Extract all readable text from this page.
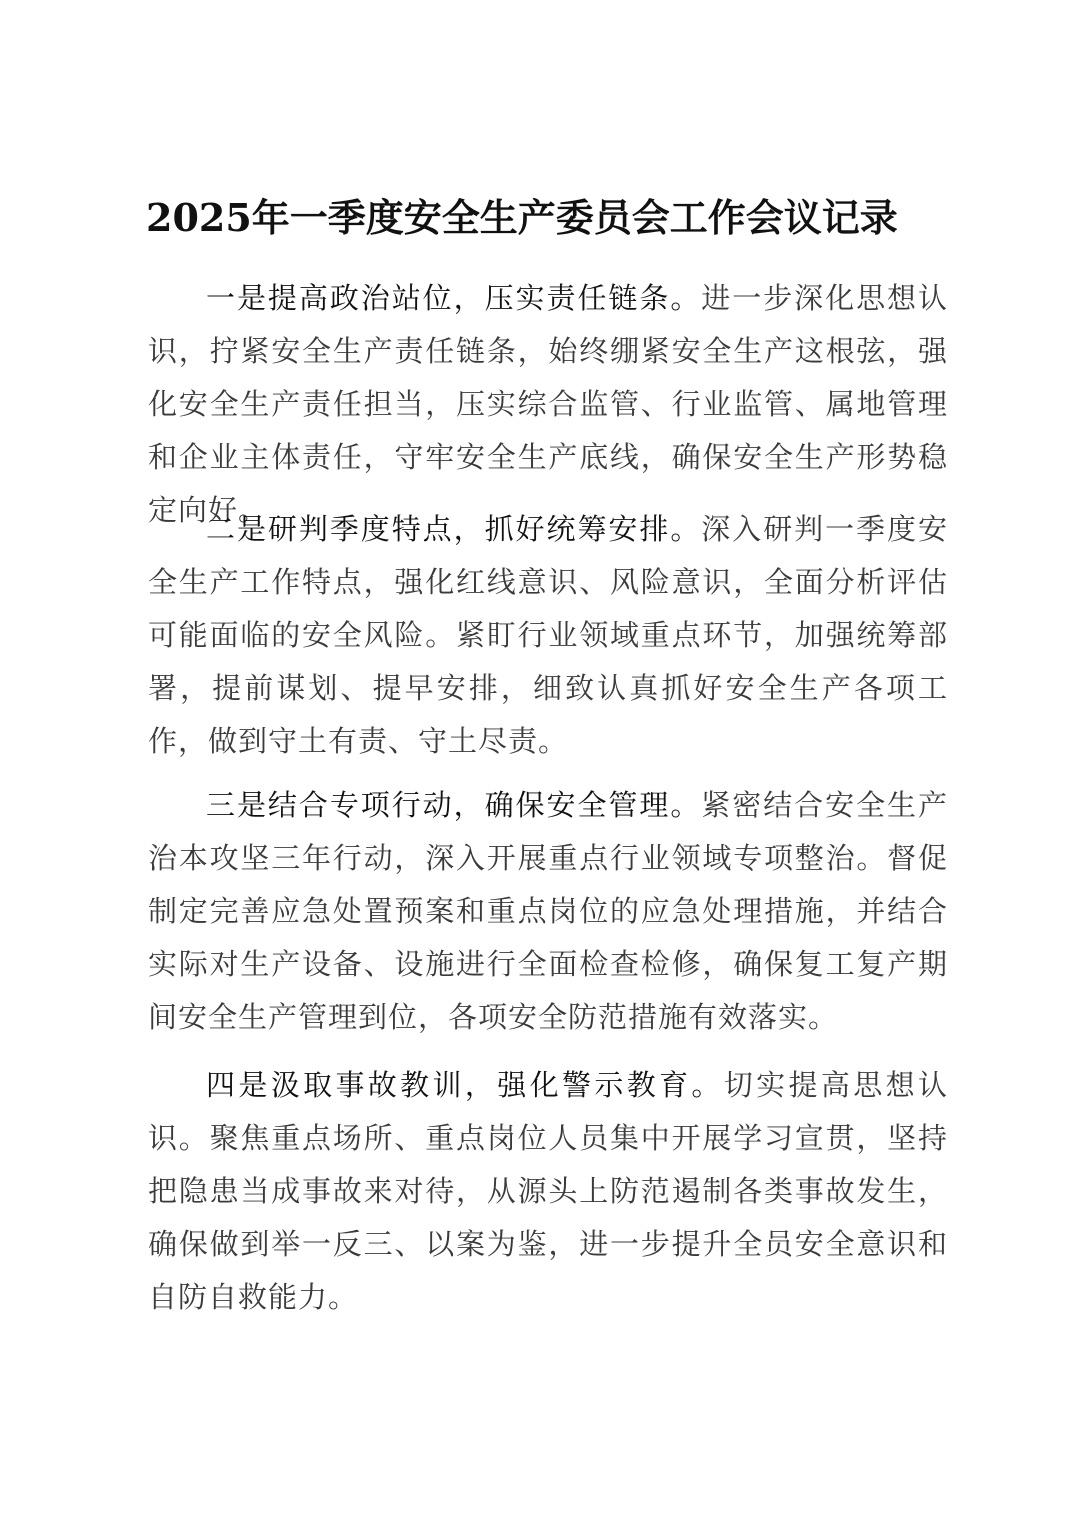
2025年一季度安全生产委员会工作会议记录

一是提高政治站位，压实责任链条。进一步深化思想认识，拧紧安全生产责任链条，始终绷紧安全生产这根弦，强化安全生产责任担当，压实综合监管、行业监管、属地管理和企业主体责任，守牢安全生产底线，确保安全生产形势稳定向好。

二是研判季度特点，抓好统筹安排。深入研判一季度安全生产工作特点，强化红线意识、风险意识，全面分析评估可能面临的安全风险。紧盯行业领域重点环节，加强统筹部署，提前谋划、提早安排，细致认真抓好安全生产各项工作，做到守土有责、守土尽责。

三是结合专项行动，确保安全管理。紧密结合安全生产治本攻坚三年行动，深入开展重点行业领域专项整治。督促制定完善应急处置预案和重点岗位的应急处理措施，并结合实际对生产设备、设施进行全面检查检修，确保复工复产期间安全生产管理到位，各项安全防范措施有效落实。

四是汲取事故教训，强化警示教育。切实提高思想认识。聚焦重点场所、重点岗位人员集中开展学习宣贯，坚持把隐患当成事故来对待，从源头上防范遏制各类事故发生，确保做到举一反三、以案为鉴，进一步提升全员安全意识和自防自救能力。
